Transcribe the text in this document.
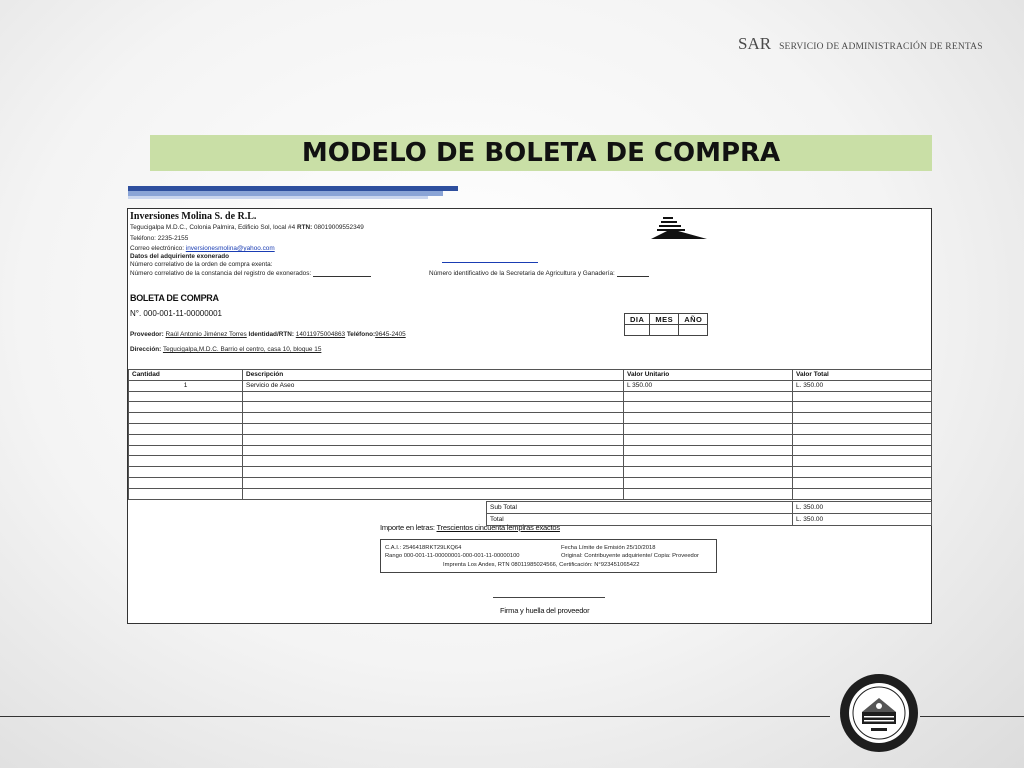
SAR SERVICIO DE ADMINISTRACIÓN DE RENTAS
MODELO DE BOLETA DE COMPRA
Inversiones Molina S. de R.L.
Tegucigalpa M.D.C., Colonia Palmira, Edificio Sol, local #4 RTN: 08019009552349
Teléfono: 2235-2155
Correo electrónico: inversionesmolina@yahoo.com
Datos del adquiriente exonerado
Número correlativo de la orden de compra exenta:
Número correlativo de la constancia del registro de exonerados:	Número identificativo de la Secretaria de Agricultura y Ganadería:
BOLETA DE COMPRA
N°. 000-001-11-00000001
DIA	MES	AÑO

Proveedor: Raúl Antonio Jiménez Torres Identidad/RTN: 14011975004863 Teléfono:9645-2405
Dirección: Tegucigalpa,M.D.C. Barrio el centro, casa 10, bloque 15
Cantidad	Descripción	Valor Unitario	Valor Total
1	Servicio de Aseo	L 350.00	L. 350.00

Sub Total	L. 350.00
Total	L. 350.00
Importe en letras: Trescientos cincuenta lempiras exactos
C.A.I.: 2546418RKT29LKQ64
Rango 000-001-11-00000001-000-001-11-00000100
Fecha Límite de Emisión 25/10/2018
Original: Contribuyente adquiriente/ Copia: Proveedor
Imprenta Los Andes, RTN 08011985024566, Certificación: N°923451065422
Firma y huella del proveedor
